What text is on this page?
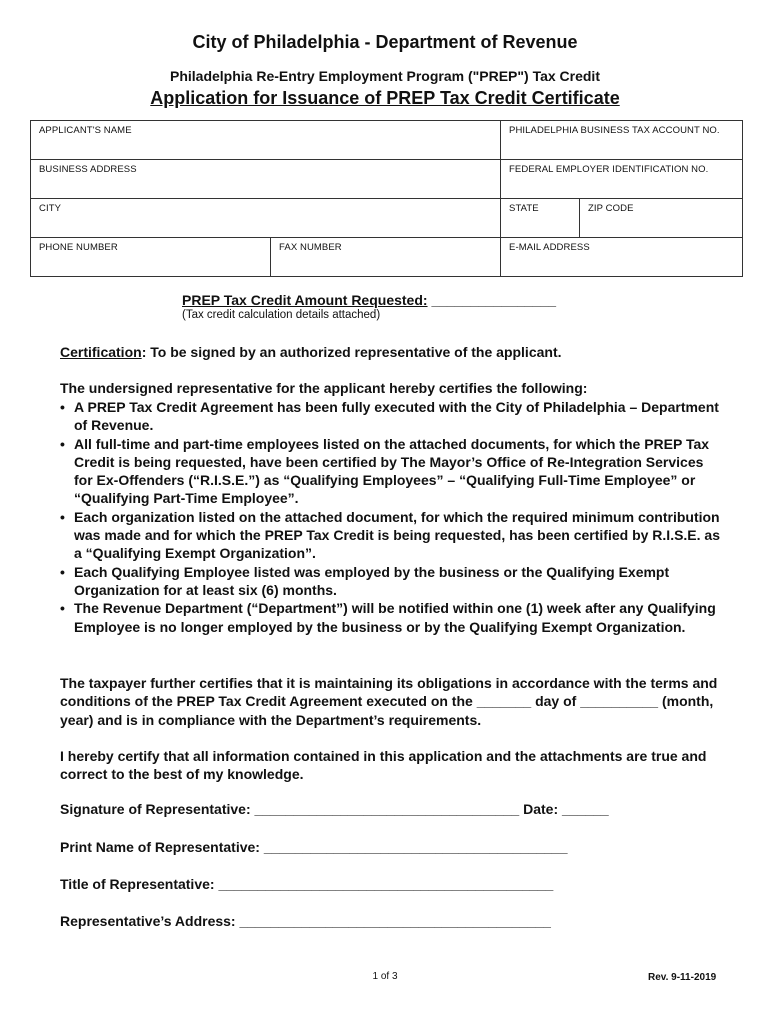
City of Philadelphia - Department of Revenue
Philadelphia Re-Entry Employment Program ("PREP") Tax Credit
Application for Issuance of PREP Tax Credit Certificate
APPLICANT'S NAME		PHILADELPHIA BUSINESS TAX ACCOUNT NO.	
BUSINESS ADDRESS		FEDERAL EMPLOYER IDENTIFICATION NO.	
CITY		STATE	ZIP CODE
PHONE NUMBER	FAX NUMBER	E-MAIL ADDRESS	
PREP Tax Credit Amount Requested: ________________
(Tax credit calculation details attached)
Certification: To be signed by an authorized representative of the applicant.
The undersigned representative for the applicant hereby certifies the following:
• A PREP Tax Credit Agreement has been fully executed with the City of Philadelphia – Department of Revenue.
• All full-time and part-time employees listed on the attached documents, for which the PREP Tax Credit is being requested, have been certified by The Mayor’s Office of Re-Integration Services for Ex-Offenders (“R.I.S.E.”) as “Qualifying Employees” – “Qualifying Full-Time Employee” or “Qualifying Part-Time Employee”.
• Each organization listed on the attached document, for which the required minimum contribution was made and for which the PREP Tax Credit is being requested, has been certified by R.I.S.E. as a “Qualifying Exempt Organization”.
• Each Qualifying Employee listed was employed by the business or the Qualifying Exempt Organization for at least six (6) months.
• The Revenue Department (“Department”) will be notified within one (1) week after any Qualifying Employee is no longer employed by the business or by the Qualifying Exempt Organization.
The taxpayer further certifies that it is maintaining its obligations in accordance with the terms and conditions of the PREP Tax Credit Agreement executed on the _______ day of __________ (month, year) and is in compliance with the Department’s requirements.
I hereby certify that all information contained in this application and the attachments are true and correct to the best of my knowledge.
Signature of Representative: __________________________________ Date: ______
Print Name of Representative: _______________________________________
Title of Representative: ___________________________________________
Representative’s Address: ________________________________________
1 of 3	Rev. 9-11-2019
